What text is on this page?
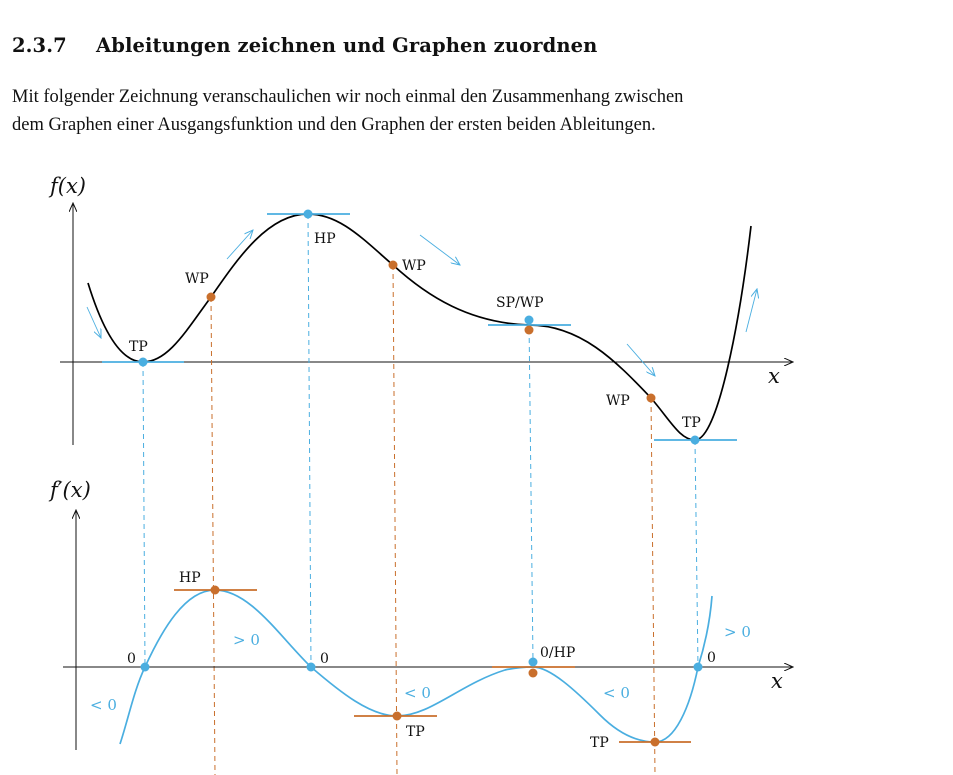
2.3.7 Ableitungen zeichnen und Graphen zuordnen
Mit folgender Zeichnung veranschaulichen wir noch einmal den Zusammenhang zwischen
dem Graphen einer Ausgangsfunktion und den Graphen der ersten beiden Ableitungen.
f(x)
x
TP
WP
HP
WP
SP/WP
WP
TP
f′(x)
x
0
HP
0
TP
0/HP
TP
0
< 0
> 0
< 0	< 0
> 0
